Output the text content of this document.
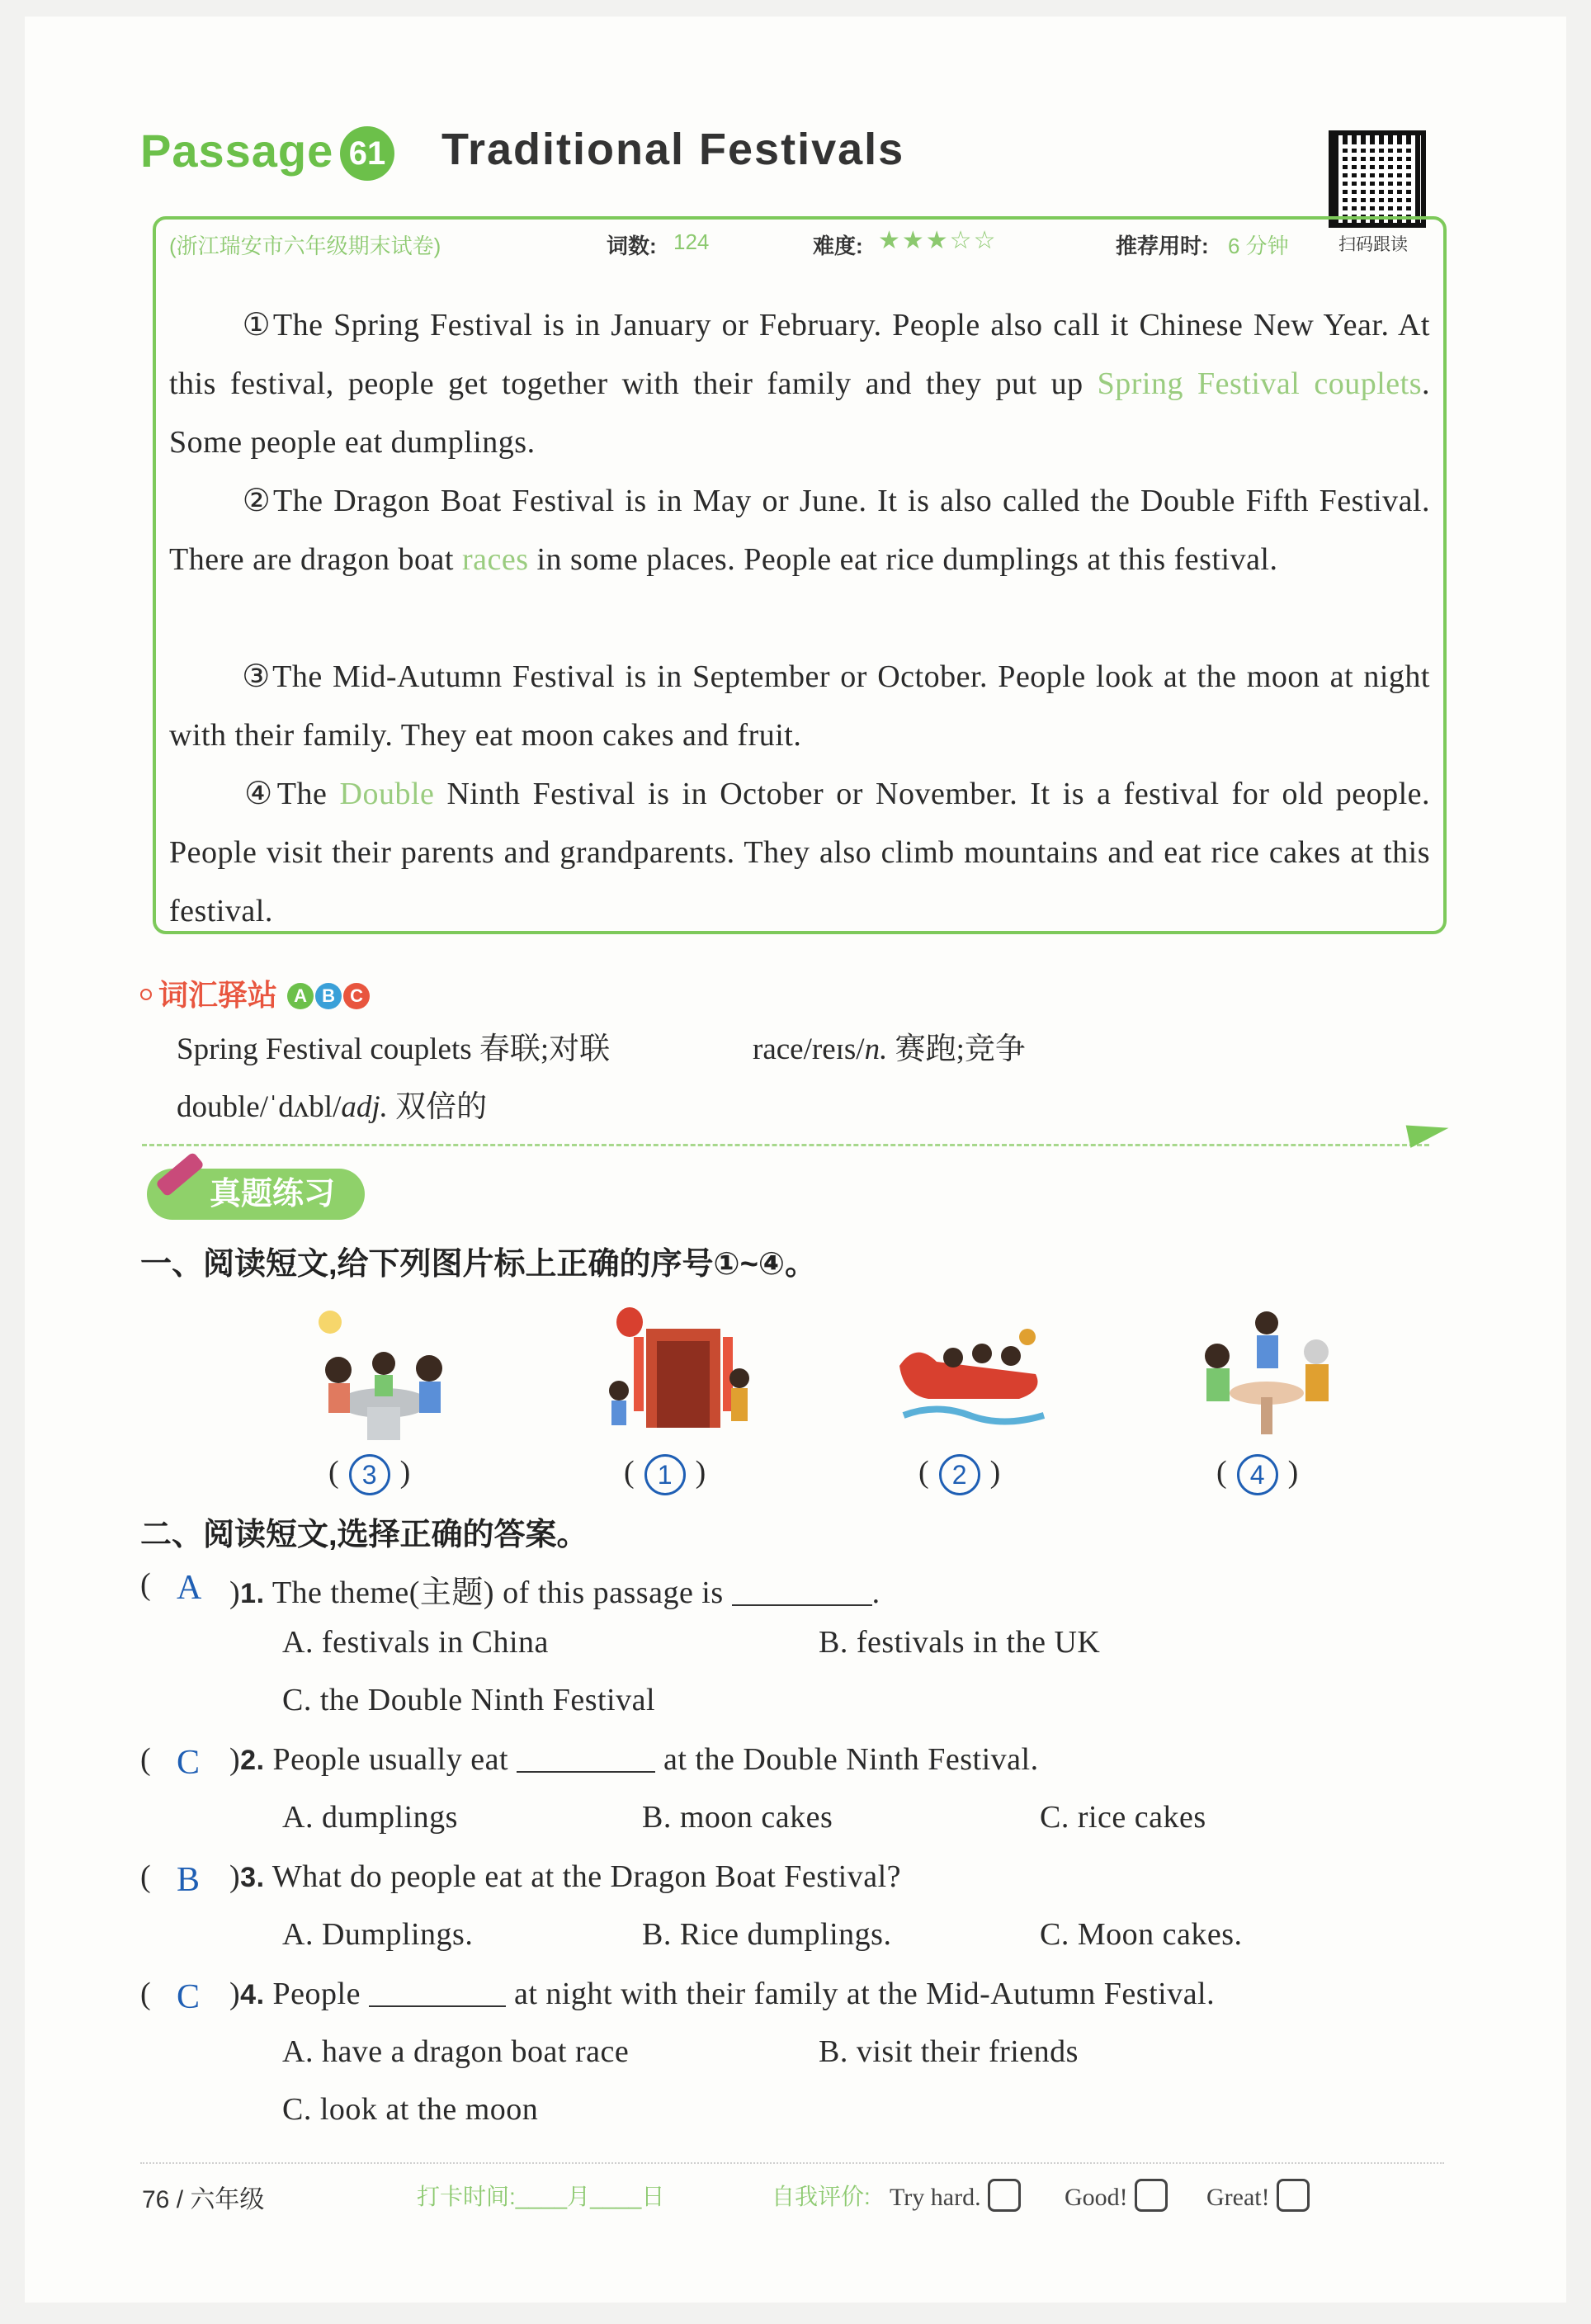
Passage 61 Traditional Festivals
扫码跟读
(浙江瑞安市六年级期末试卷)	词数: 124	难度: ★★★☆☆	推荐用时: 6 分钟
①The Spring Festival is in January or February. People also call it Chinese New Year. At this festival, people get together with their family and they put up Spring Festival couplets. Some people eat dumplings.
②The Dragon Boat Festival is in May or June. It is also called the Double Fifth Festival. There are dragon boat races in some places. People eat rice dumplings at this festival.
③The Mid-Autumn Festival is in September or October. People look at the moon at night with their family. They eat moon cakes and fruit.
④The Double Ninth Festival is in October or November. It is a festival for old people. People visit their parents and grandparents. They also climb mountains and eat rice cakes at this festival.
词汇驿站 A B C
Spring Festival couplets 春联;对联	race/reɪs/n. 赛跑;竞争
double/ˈdʌbl/adj. 双倍的
真题练习
一、阅读短文,给下列图片标上正确的序号①~④。
( 3 )	( 1 )	( 2 )	( 4 )
二、阅读短文,选择正确的答案。
( A )1. The theme(主题) of this passage is	.
A. festivals in China	B. festivals in the UK
C. the Double Ninth Festival
( C )2. People usually eat	at the Double Ninth Festival.
A. dumplings	B. moon cakes	C. rice cakes
( B )3. What do people eat at the Dragon Boat Festival?
A. Dumplings.	B. Rice dumplings.	C. Moon cakes.
( C )4. People	at night with their family at the Mid-Autumn Festival.
A. have a dragon boat race	B. visit their friends
C. look at the moon
76 / 六年级	打卡时间:____月____日	自我评价: Try hard.	Good!	Great!
